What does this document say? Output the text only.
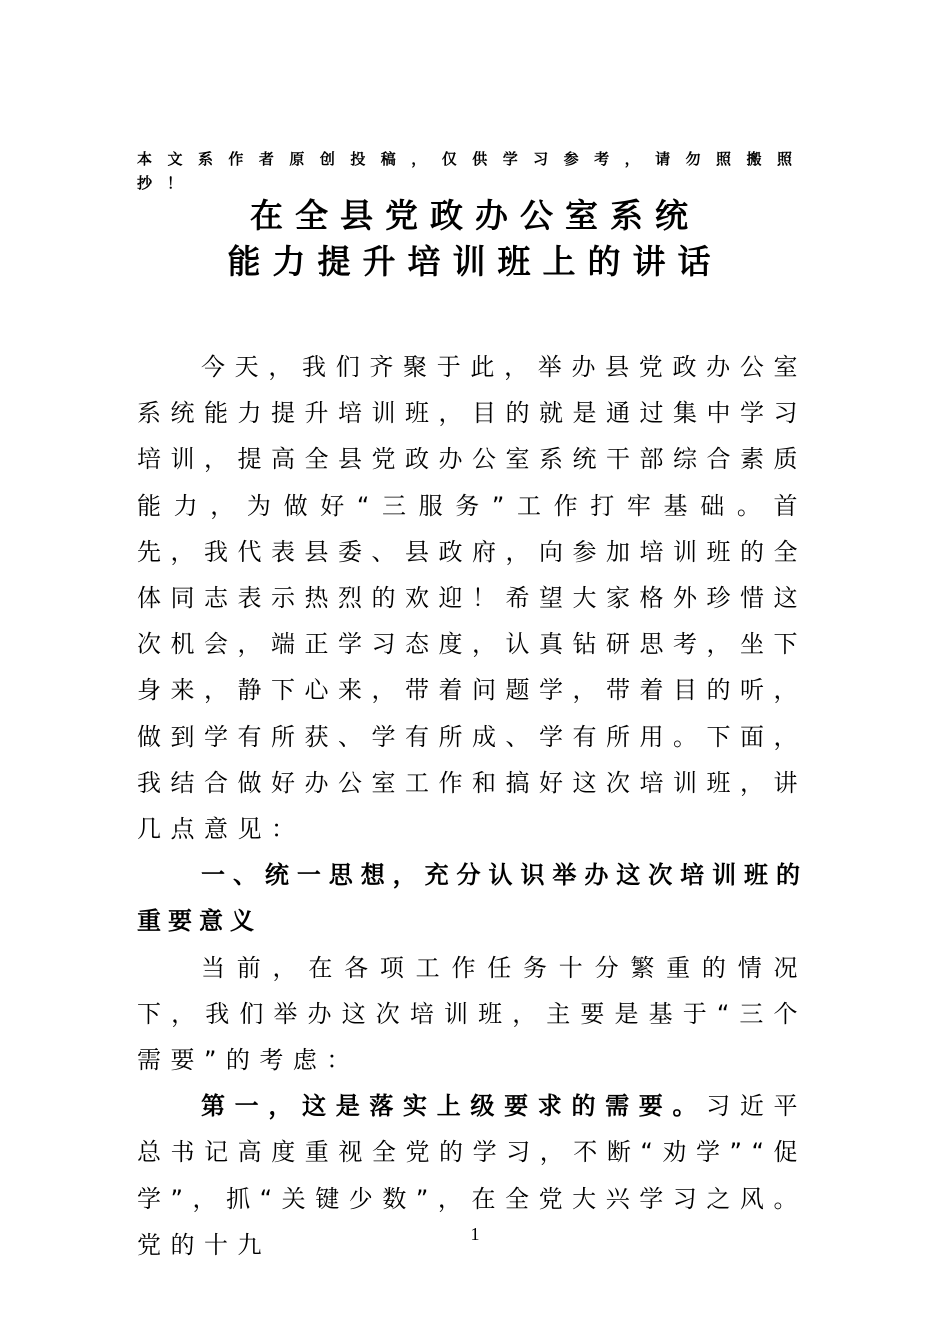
本文系作者原创投稿，仅供学习参考，请勿照搬照抄！

在全县党政办公室系统
能力提升培训班上的讲话

今天，我们齐聚于此，举办县党政办公室系统能力提升培训班，目的就是通过集中学习培训，提高全县党政办公室系统干部综合素质能力，为做好“三服务”工作打牢基础。首先，我代表县委、县政府，向参加培训班的全体同志表示热烈的欢迎！希望大家格外珍惜这次机会，端正学习态度，认真钻研思考，坐下身来，静下心来，带着问题学，带着目的听，做到学有所获、学有所成、学有所用。下面，我结合做好办公室工作和搞好这次培训班，讲几点意见：

一、统一思想，充分认识举办这次培训班的重要意义

当前，在各项工作任务十分繁重的情况下，我们举办这次培训班，主要是基于“三个需要”的考虑：

第一，这是落实上级要求的需要。习近平总书记高度重视全党的学习，不断“劝学”“促学”，抓“关键少数”，在全党大兴学习之风。党的十九	1
